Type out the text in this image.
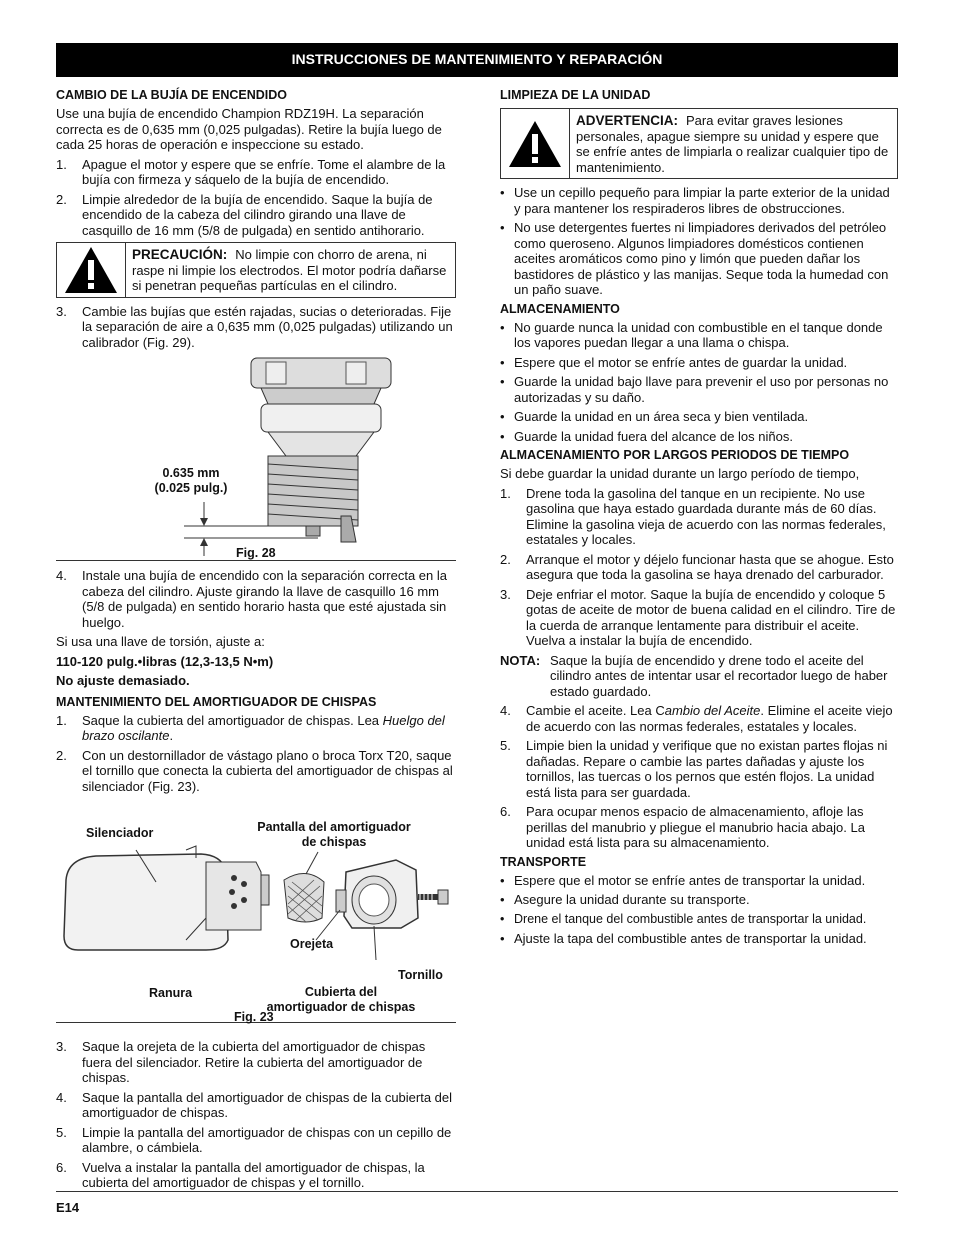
INSTRUCCIONES DE MANTENIMIENTO Y REPARACIÓN
CAMBIO DE LA BUJÍA DE ENCENDIDO

Use una bujía de encendido Champion RDZ19H. La separación correcta es de 0,635 mm (0,025 pulgadas). Retire la bujía luego de cada 25 horas de operación e inspeccione su estado.

1. Apague el motor y espere que se enfríe. Tome el alambre de la bujía con firmeza y sáquelo de la bujía de encendido.
2. Limpie alrededor de la bujía de encendido. Saque la bujía de encendido de la cabeza del cilindro girando una llave de casquillo de 16 mm (5/8 de pulgada) en sentido antihorario.
PRECAUCIÓN: No limpie con chorro de arena, ni raspe ni limpie los electrodos. El motor podría dañarse si penetran pequeñas partículas en el cilindro.
3. Cambie las bujías que estén rajadas, sucias o deterioradas. Fije la separación de aire a 0,635 mm (0,025 pulgadas) utilizando un calibrador (Fig. 29).
0.635 mm
(0.025 pulg.)
Fig. 28
4. Instale una bujía de encendido con la separación correcta en la cabeza del cilindro. Ajuste girando la llave de casquillo 16 mm (5/8 de pulgada) en sentido horario hasta que esté ajustada sin huelgo.

Si usa una llave de torsión, ajuste a:

110-120 pulg.•libras (12,3-13,5 N•m)

No ajuste demasiado.

MANTENIMIENTO DEL AMORTIGUADOR DE CHISPAS
1. Saque la cubierta del amortiguador de chispas. Lea Huelgo del brazo oscilante.
2. Con un destornillador de vástago plano o broca Torx T20, saque el tornillo que conecta la cubierta del amortiguador de chispas al silenciador (Fig. 23).
Silenciador	Pantalla del amortiguador
de chispas
Orejeta
Tornillo
Ranura	Cubierta del
amortiguador de chispas
Fig. 23
3. Saque la orejeta de la cubierta del amortiguador de chispas fuera del silenciador. Retire la cubierta del amortiguador de chispas.
4. Saque la pantalla del amortiguador de chispas de la cubierta del amortiguador de chispas.
5. Limpie la pantalla del amortiguador de chispas con un cepillo de alambre, o cámbiela.
6. Vuelva a instalar la pantalla del amortiguador de chispas, la cubierta del amortiguador de chispas y el tornillo.
LIMPIEZA DE LA UNIDAD
ADVERTENCIA: Para evitar graves lesiones personales, apague siempre su unidad y espere que se enfríe antes de limpiarla o realizar cualquier tipo de mantenimiento.
• Use un cepillo pequeño para limpiar la parte exterior de la unidad y para mantener los respiraderos libres de obstrucciones.
• No use detergentes fuertes ni limpiadores derivados del petróleo como queroseno. Algunos limpiadores domésticos contienen aceites aromáticos como pino y limón que pueden dañar los bastidores de plástico y las manijas. Seque toda la humedad con un paño suave.
ALMACENAMIENTO
• No guarde nunca la unidad con combustible en el tanque donde los vapores puedan llegar a una llama o chispa.
• Espere que el motor se enfríe antes de guardar la unidad.
• Guarde la unidad bajo llave para prevenir el uso por personas no autorizadas y su daño.
• Guarde la unidad en un área seca y bien ventilada.
• Guarde la unidad fuera del alcance de los niños.
ALMACENAMIENTO POR LARGOS PERIODOS DE TIEMPO

Si debe guardar la unidad durante un largo período de tiempo,

1. Drene toda la gasolina del tanque en un recipiente. No use gasolina que haya estado guardada durante más de 60 días. Elimine la gasolina vieja de acuerdo con las normas federales, estatales y locales.
2. Arranque el motor y déjelo funcionar hasta que se ahogue. Esto asegura que toda la gasolina se haya drenado del carburador.
3. Deje enfriar el motor. Saque la bujía de encendido y coloque 5 gotas de aceite de motor de buena calidad en el cilindro. Tire de la cuerda de arranque lentamente para distribuir el aceite. Vuelva a instalar la bujía de encendido.
NOTA: Saque la bujía de encendido y drene todo el aceite del cilindro antes de intentar usar el recortador luego de haber estado guardado.
4. Cambie el aceite. Lea Cambio del Aceite. Elimine el aceite viejo de acuerdo con las normas federales, estatales y locales.
5. Limpie bien la unidad y verifique que no existan partes flojas ni dañadas. Repare o cambie las partes dañadas y ajuste los tornillos, las tuercas o los pernos que estén flojos. La unidad está lista para ser guardada.
6. Para ocupar menos espacio de almacenamiento, afloje las perillas del manubrio y pliegue el manubrio hacia abajo. La unidad está lista para su almacenamiento.
TRANSPORTE
• Espere que el motor se enfríe antes de transportar la unidad.
• Asegure la unidad durante su transporte.
• Drene el tanque del combustible antes de transportar la unidad.
• Ajuste la tapa del combustible antes de transportar la unidad.
E14
